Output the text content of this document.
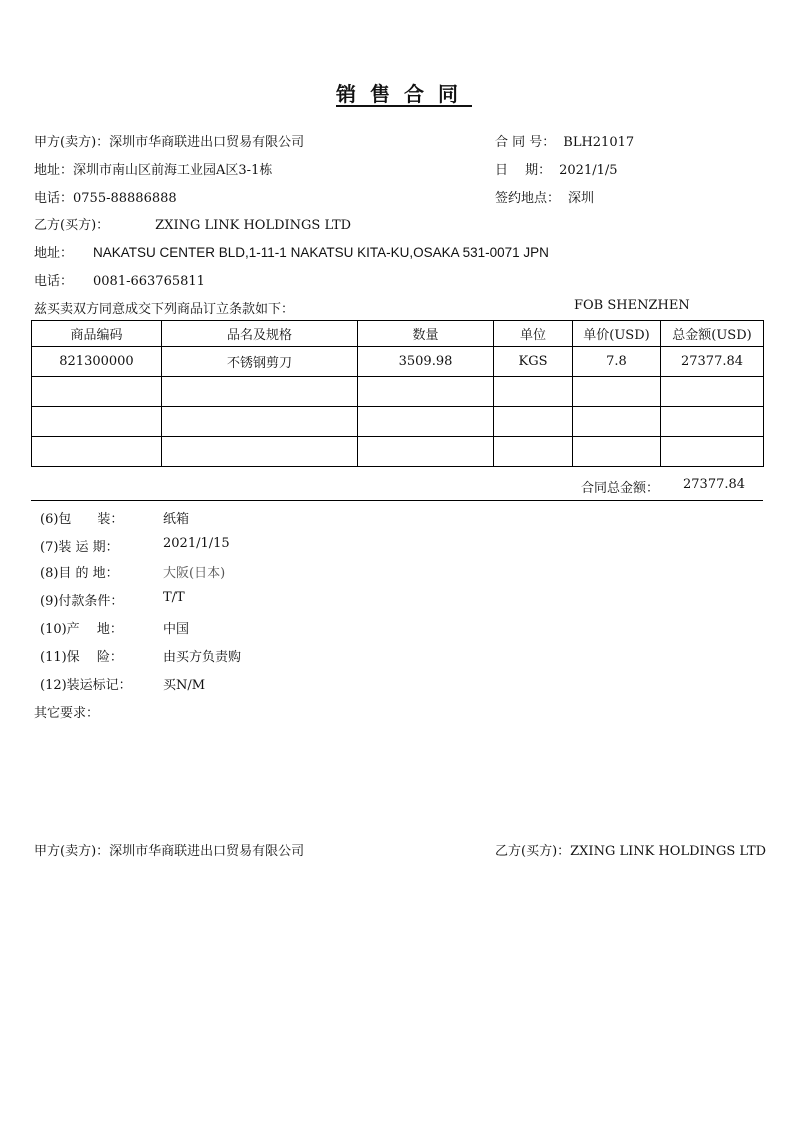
销售合同
甲方(卖方)：深圳市华商联进出口贸易有限公司
地址：深圳市南山区前海工业园A区3-1栋
电话：0755-88886888
合 同 号： BLH21017
日　 期： 2021/1/5
签约地点： 深圳
乙方(买方)：	ZXING LINK HOLDINGS LTD
地址： NAKATSU CENTER BLD,1-11-1 NAKATSU KITA-KU,OSAKA 531-0071 JPN
电话： 0081-663765811
兹买卖双方同意成交下列商品订立条款如下：	FOB SHENZHEN
商品编码	品名及规格	数量	单位	单价(USD)	总金额(USD)
821300000	不锈钢剪刀	3509.98	KGS	7.8	27377.84

合同总金额： 27377.84
(6)包　　装：	纸箱
(7)装 运 期：	2021/1/15
(8)目 的 地：	大阪(日本)
(9)付款条件：	T/T
(10)产　 地：	中国
(11)保　 险：	由买方负责购
(12)装运标记： 买N/M
其它要求：
甲方(卖方)：深圳市华商联进出口贸易有限公司	乙方(买方)：ZXING LINK HOLDINGS LTD
